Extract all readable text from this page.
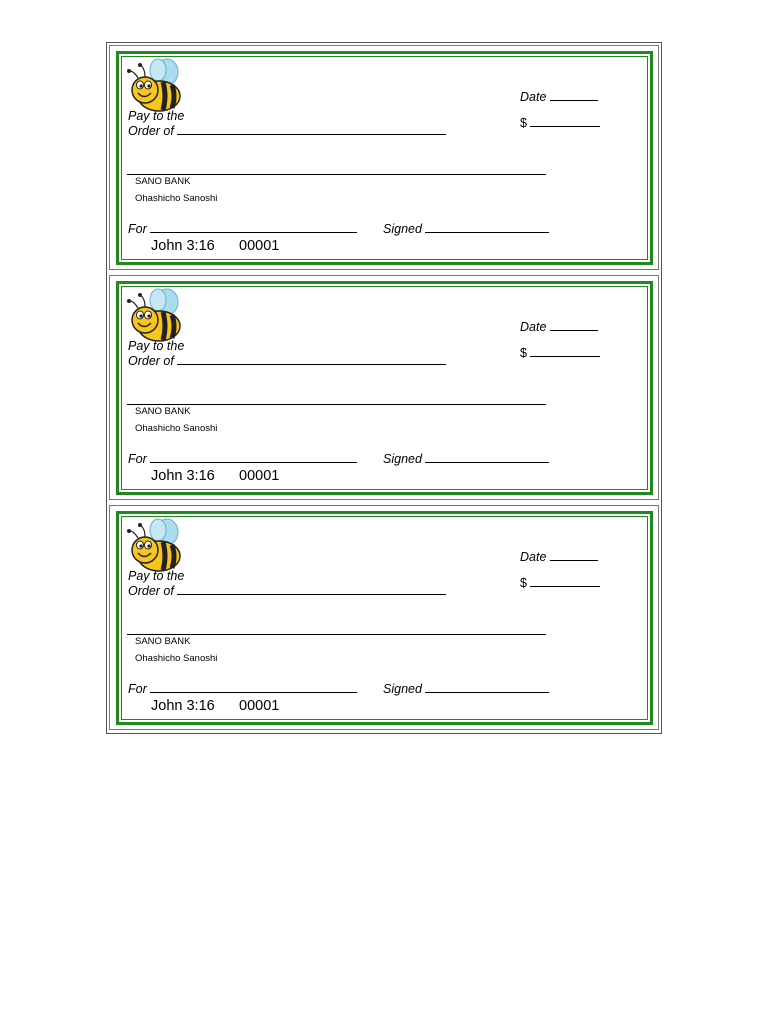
Pay to the
Order of
Date
$
SANO BANK
Ohashicho Sanoshi
For	Signed
John 3:16 00001
Pay to the
Order of
Date
$
SANO BANK
Ohashicho Sanoshi
For	Signed
John 3:16 00001
Pay to the
Order of
Date
$
SANO BANK
Ohashicho Sanoshi
For	Signed
John 3:16 00001
